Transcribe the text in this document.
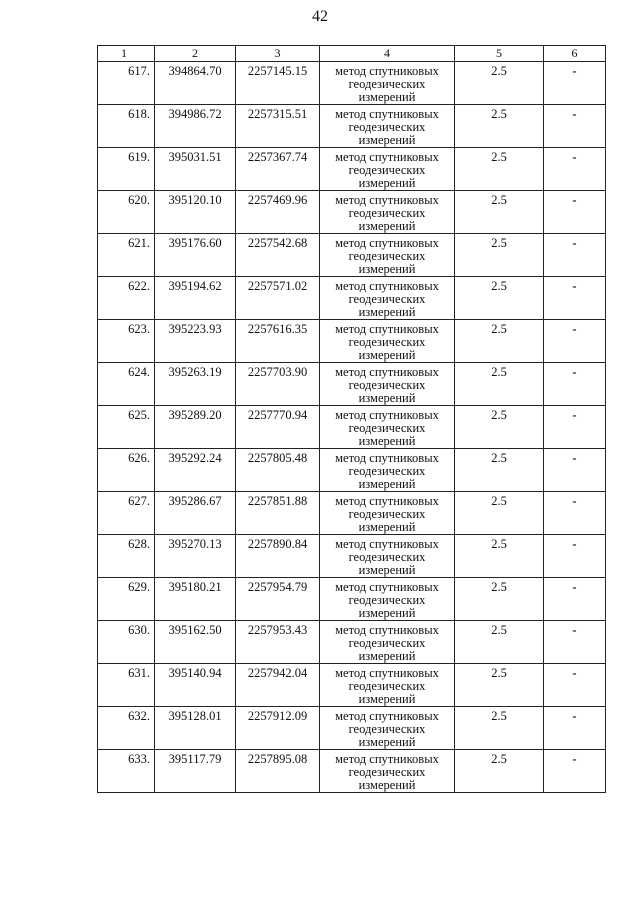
42
1	2	3	4	5	6

617.	394864.70	2257145.15	метод спутниковых геодезических измерений	2.5	-

618.	394986.72	2257315.51	метод спутниковых геодезических измерений	2.5	-

619.	395031.51	2257367.74	метод спутниковых геодезических измерений	2.5	-

620.	395120.10	2257469.96	метод спутниковых геодезических измерений	2.5	-

621.	395176.60	2257542.68	метод спутниковых геодезических измерений	2.5	-

622.	395194.62	2257571.02	метод спутниковых геодезических измерений	2.5	-

623.	395223.93	2257616.35	метод спутниковых геодезических измерений	2.5	-

624.	395263.19	2257703.90	метод спутниковых геодезических измерений	2.5	-

625.	395289.20	2257770.94	метод спутниковых геодезических измерений	2.5	-

626.	395292.24	2257805.48	метод спутниковых геодезических измерений	2.5	-

627.	395286.67	2257851.88	метод спутниковых геодезических измерений	2.5	-

628.	395270.13	2257890.84	метод спутниковых геодезических измерений	2.5	-

629.	395180.21	2257954.79	метод спутниковых геодезических измерений	2.5	-

630.	395162.50	2257953.43	метод спутниковых геодезических измерений	2.5	-

631.	395140.94	2257942.04	метод спутниковых геодезических измерений	2.5	-

632.	395128.01	2257912.09	метод спутниковых геодезических измерений	2.5	-

633.	395117.79	2257895.08	метод спутниковых геодезических измерений	2.5	-
